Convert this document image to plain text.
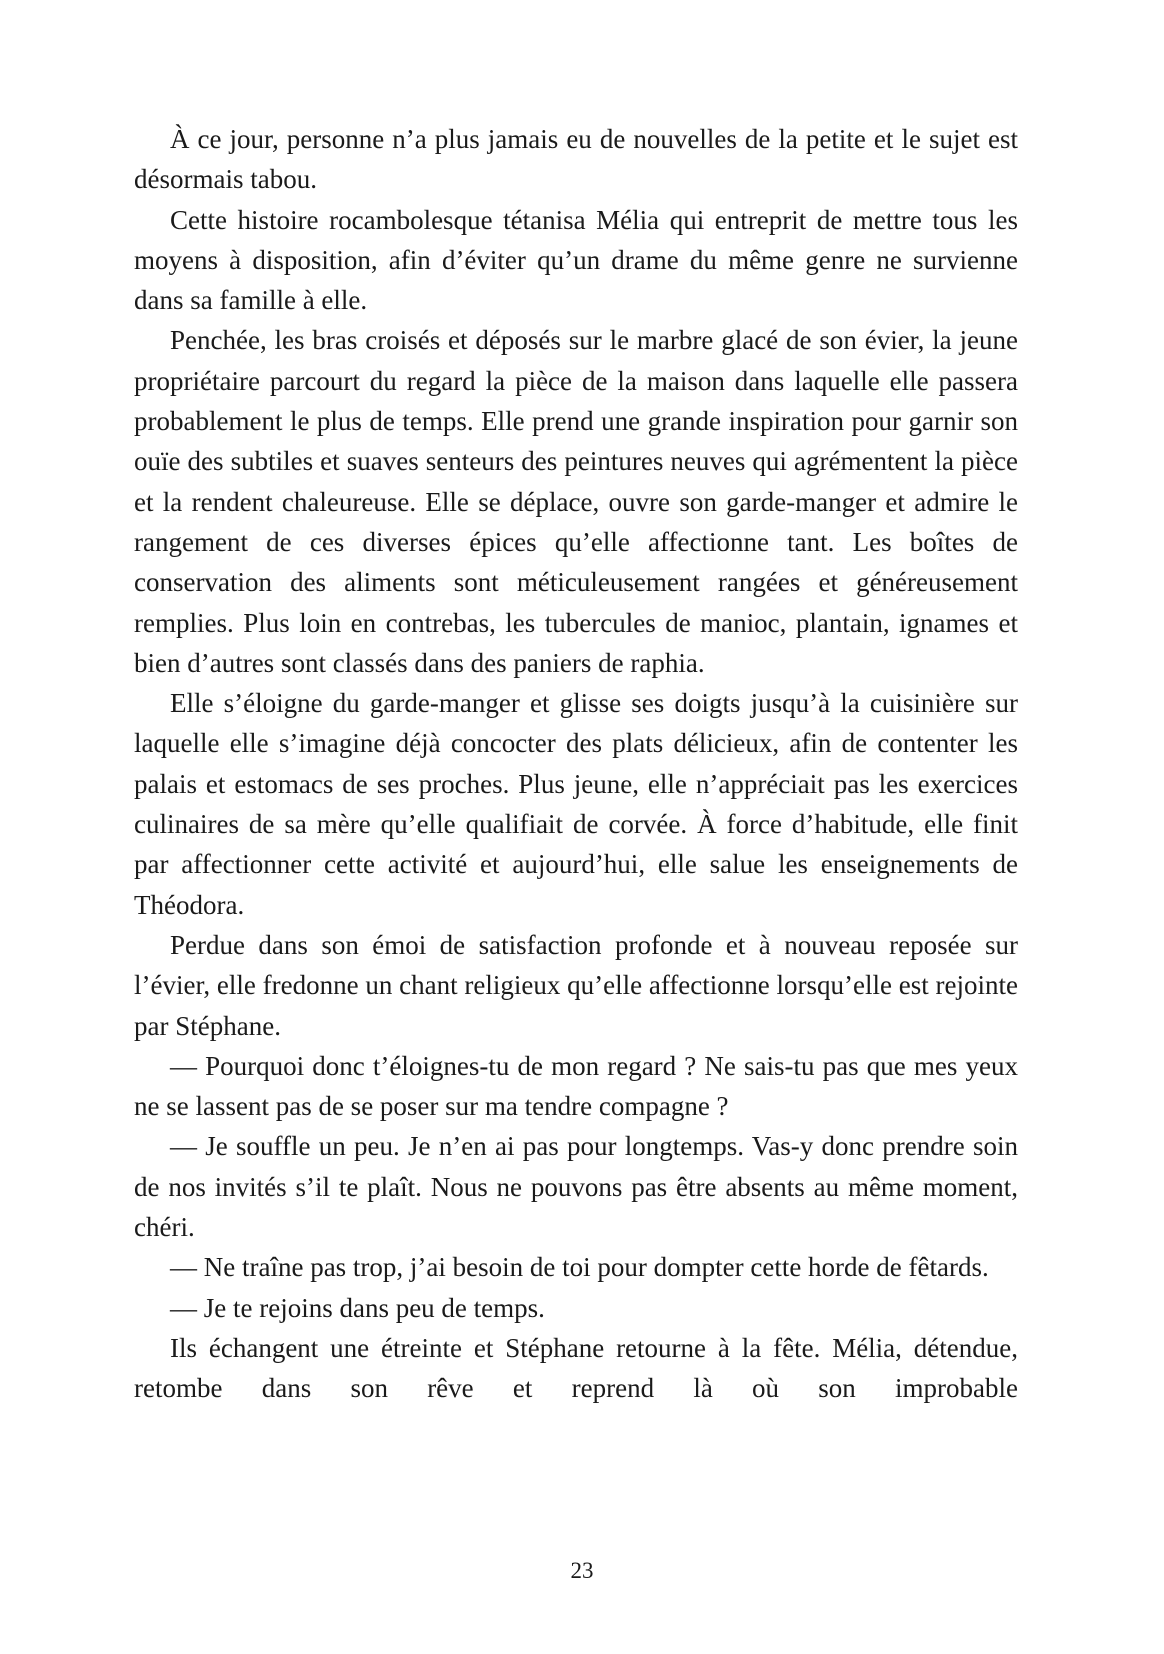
À ce jour, personne n’a plus jamais eu de nouvelles de la petite et le sujet est désormais tabou.

Cette histoire rocambolesque tétanisa Mélia qui entreprit de mettre tous les moyens à disposition, afin d’éviter qu’un drame du même genre ne survienne dans sa famille à elle.

Penchée, les bras croisés et déposés sur le marbre glacé de son évier, la jeune propriétaire parcourt du regard la pièce de la maison dans laquelle elle passera probablement le plus de temps. Elle prend une grande inspiration pour garnir son ouïe des subtiles et suaves senteurs des peintures neuves qui agrémentent la pièce et la rendent chaleureuse. Elle se déplace, ouvre son garde-manger et admire le rangement de ces diverses épices qu’elle affectionne tant. Les boîtes de conservation des aliments sont méticuleusement rangées et généreusement remplies. Plus loin en contrebas, les tubercules de manioc, plantain, ignames et bien d’autres sont classés dans des paniers de raphia.

Elle s’éloigne du garde-manger et glisse ses doigts jusqu’à la cuisinière sur laquelle elle s’imagine déjà concocter des plats délicieux, afin de contenter les palais et estomacs de ses proches. Plus jeune, elle n’appréciait pas les exercices culinaires de sa mère qu’elle qualifiait de corvée. À force d’habitude, elle finit par affectionner cette activité et aujourd’hui, elle salue les enseignements de Théodora.

Perdue dans son émoi de satisfaction profonde et à nouveau reposée sur l’évier, elle fredonne un chant religieux qu’elle affectionne lorsqu’elle est rejointe par Stéphane.

— Pourquoi donc t’éloignes-tu de mon regard ? Ne sais-tu pas que mes yeux ne se lassent pas de se poser sur ma tendre compagne ?

— Je souffle un peu. Je n’en ai pas pour longtemps. Vas-y donc prendre soin de nos invités s’il te plaît. Nous ne pouvons pas être absents au même moment, chéri.

— Ne traîne pas trop, j’ai besoin de toi pour dompter cette horde de fêtards.

— Je te rejoins dans peu de temps.

Ils échangent une étreinte et Stéphane retourne à la fête. Mélia, détendue, retombe dans son rêve et reprend là où son improbable

23
